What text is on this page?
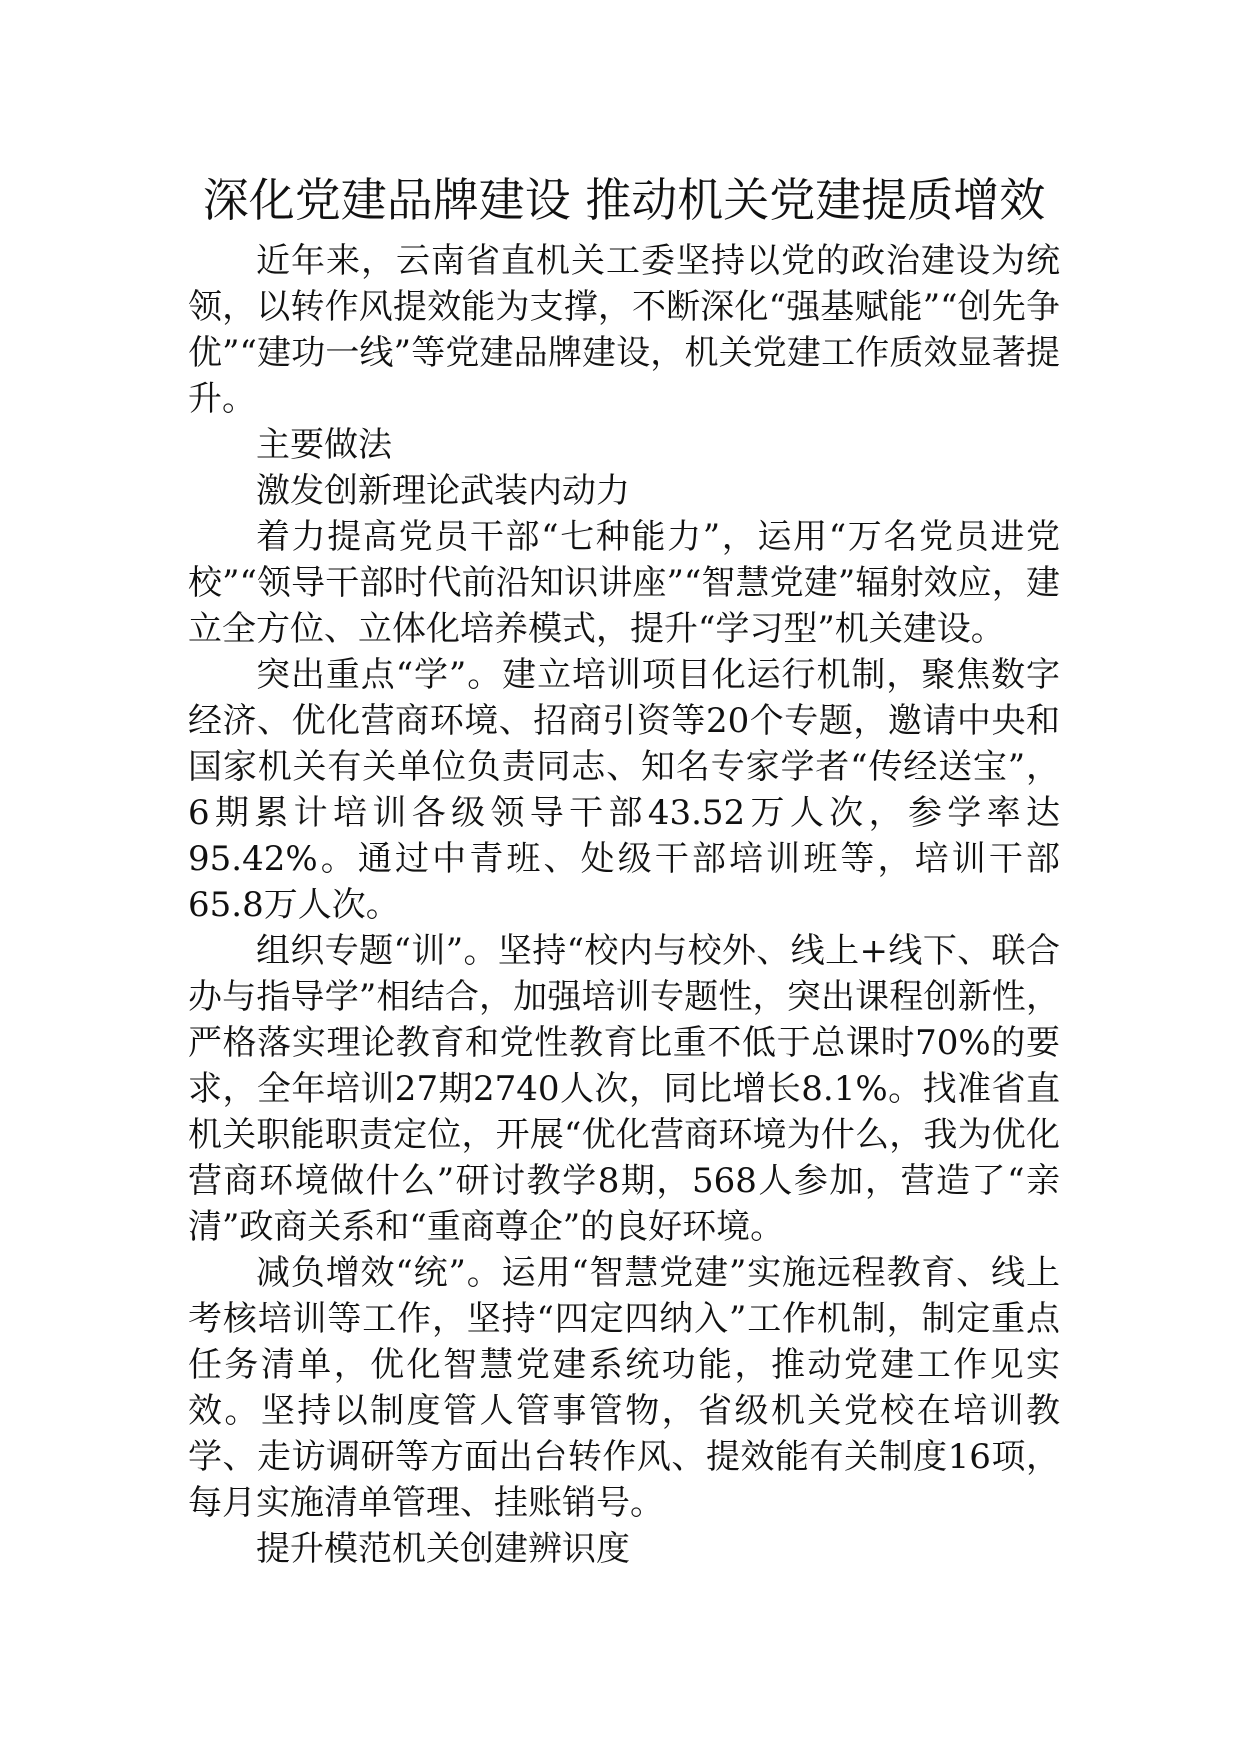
深化党建品牌建设 推动机关党建提质增效

近年来，云南省直机关工委坚持以党的政治建设为统领，以转作风提效能为支撑，不断深化“强基赋能”“创先争优”“建功一线”等党建品牌建设，机关党建工作质效显著提升。

主要做法

激发创新理论武装内动力

着力提高党员干部“七种能力”，运用“万名党员进党校”“领导干部时代前沿知识讲座”“智慧党建”辐射效应，建立全方位、立体化培养模式，提升“学习型”机关建设。

突出重点“学”。建立培训项目化运行机制，聚焦数字经济、优化营商环境、招商引资等20个专题，邀请中央和国家机关有关单位负责同志、知名专家学者“传经送宝”，6期累计培训各级领导干部43.52万人次，参学率达95.42%。通过中青班、处级干部培训班等，培训干部65.8万人次。

组织专题“训”。坚持“校内与校外、线上+线下、联合办与指导学”相结合，加强培训专题性，突出课程创新性，严格落实理论教育和党性教育比重不低于总课时70%的要求，全年培训27期2740人次，同比增长8.1%。找准省直机关职能职责定位，开展“优化营商环境为什么，我为优化营商环境做什么”研讨教学8期，568人参加，营造了“亲清”政商关系和“重商尊企”的良好环境。

减负增效“统”。运用“智慧党建”实施远程教育、线上考核培训等工作，坚持“四定四纳入”工作机制，制定重点任务清单，优化智慧党建系统功能，推动党建工作见实效。坚持以制度管人管事管物，省级机关党校在培训教学、走访调研等方面出台转作风、提效能有关制度16项，每月实施清单管理、挂账销号。

提升模范机关创建辨识度
